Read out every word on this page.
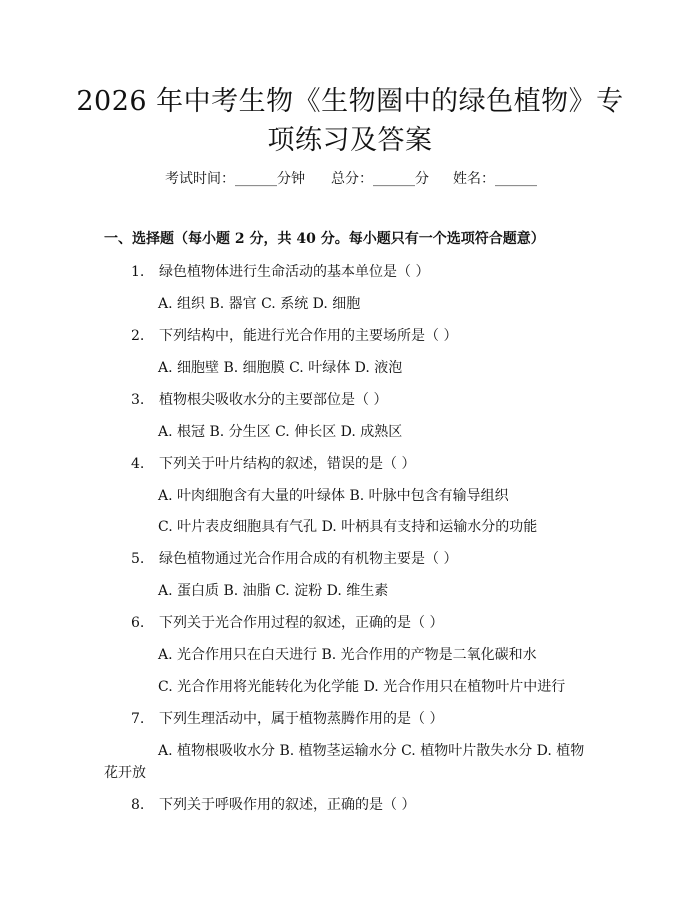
2026 年中考生物《生物圈中的绿色植物》专
项练习及答案
考试时间：______分钟 总分：______分 姓名：______
一、选择题（每小题 2 分，共 40 分。每小题只有一个选项符合题意）
1. 绿色植物体进行生命活动的基本单位是（ ）
A. 组织 B. 器官 C. 系统 D. 细胞
2. 下列结构中，能进行光合作用的主要场所是（ ）
A. 细胞壁 B. 细胞膜 C. 叶绿体 D. 液泡
3. 植物根尖吸收水分的主要部位是（ ）
A. 根冠 B. 分生区 C. 伸长区 D. 成熟区
4. 下列关于叶片结构的叙述，错误的是（ ）
A. 叶肉细胞含有大量的叶绿体 B. 叶脉中包含有输导组织
C. 叶片表皮细胞具有气孔 D. 叶柄具有支持和运输水分的功能
5. 绿色植物通过光合作用合成的有机物主要是（ ）
A. 蛋白质 B. 油脂 C. 淀粉 D. 维生素
6. 下列关于光合作用过程的叙述，正确的是（ ）
A. 光合作用只在白天进行 B. 光合作用的产物是二氧化碳和水
C. 光合作用将光能转化为化学能 D. 光合作用只在植物叶片中进行
7. 下列生理活动中，属于植物蒸腾作用的是（ ）
A. 植物根吸收水分 B. 植物茎运输水分 C. 植物叶片散失水分 D. 植物
花开放
8. 下列关于呼吸作用的叙述，正确的是（ ）
